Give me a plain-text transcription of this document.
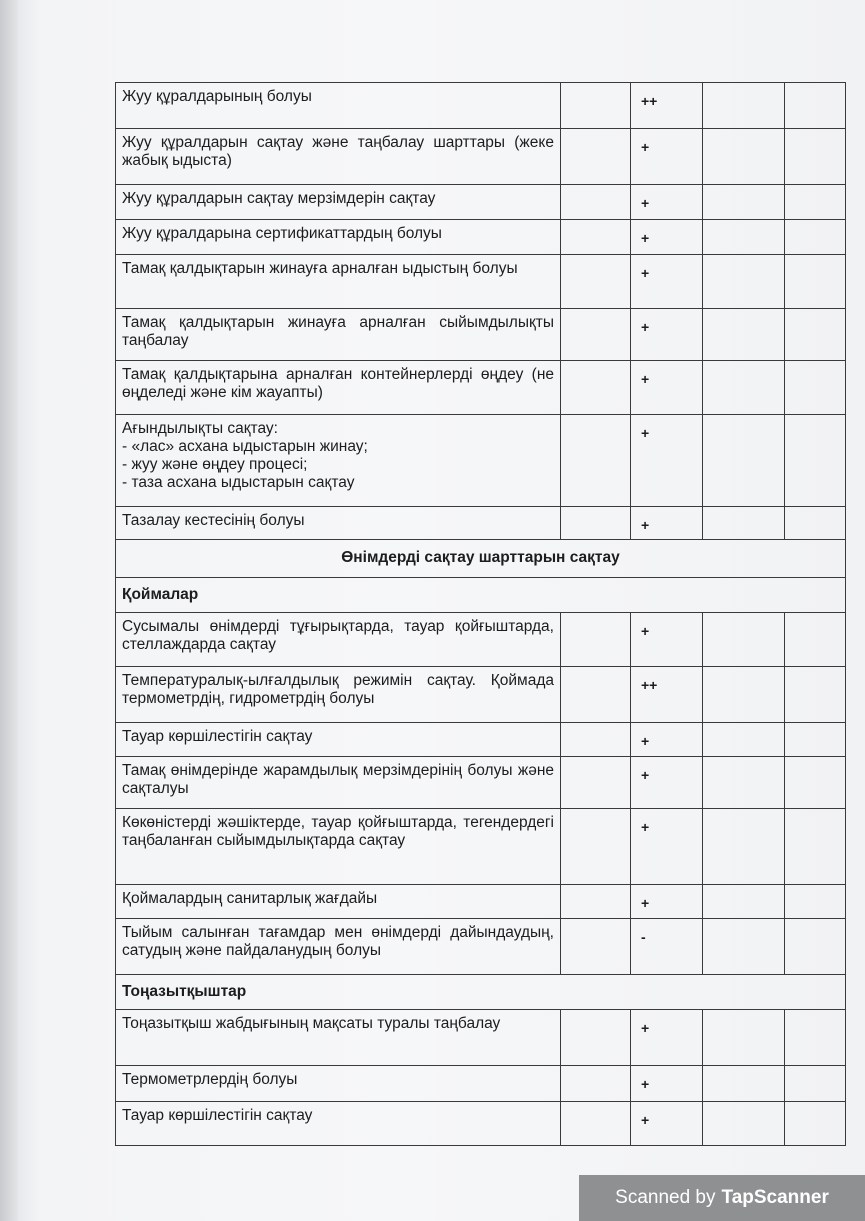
Жуу құралдарының болуы		++		

Жуу құралдарын сақтау және таңбалау шарттары (жеке жабық ыдыста)		+		

Жуу құралдарын сақтау мерзімдерін сақтау		+		

Жуу құралдарына сертификаттардың болуы		+		

Тамақ қалдықтарын жинауға арналған ыдыстың болуы		+		

Тамақ қалдықтарын жинауға арналған сыйымдылықты таңбалау		+		

Тамақ қалдықтарына арналған контейнерлерді өңдеу (не өңделеді және кім жауапты)		+		

Ағындылықты сақтау:
- «лас» асхана ыдыстарын жинау;
- жуу және өңдеу процесі;
- таза асхана ыдыстарын сақтау		+		

Тазалау кестесінің болуы		+		
Өнімдерді сақтау шарттарын сақтау				
Қоймалар				

Сусымалы өнімдерді тұғырықтарда, тауар қойғыштарда, стеллаждарда сақтау		+		

Температуралық-ылғалдылық режимін сақтау. Қоймада термометрдің, гидрометрдің болуы		++		

Тауар көршілестігін сақтау		+		

Тамақ өнімдерінде жарамдылық мерзімдерінің болуы және сақталуы		+		

Көкөністерді жәшіктерде, тауар қойғыштарда, тегендердегі таңбаланған сыйымдылықтарда сақтау		+		

Қоймалардың санитарлық жағдайы		+		

Тыйым салынған тағамдар мен өнімдерді дайындаудың, сатудың және пайдаланудың болуы		-		
Тоңазытқыштар				

Тоңазытқыш жабдығының мақсаты туралы таңбалау		+		

Термометрлердің болуы		+		

Тауар көршілестігін сақтау		+		
Scanned by TapScanner
